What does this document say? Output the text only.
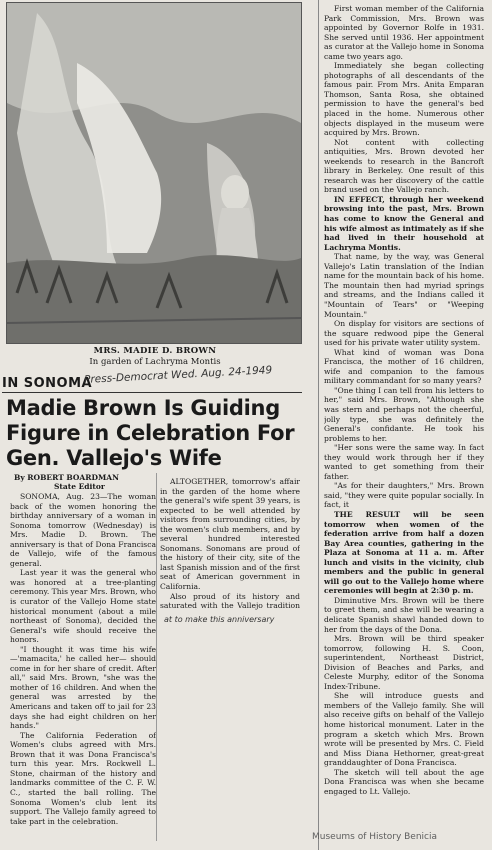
MRS. MADIE D. BROWN
In garden of Lachryma Montis
IN SONOMA
Press-Democrat Wed. Aug. 24-1949
Madie Brown Is Guiding Figure in Celebration For Gen. Vallejo's Wife
By ROBERT BOARDMAN
State Editor

SONOMA, Aug. 23—The woman back of the women honoring the birthday anniversary of a woman in Sonoma tomorrow (Wednesday) is Mrs. Madie D. Brown. The anniversary is that of Dona Francisca de Vallejo, wife of the famous general.

Last year it was the general who was honored at a tree-planting ceremony. This year Mrs. Brown, who is curator of the Vallejo Home state historical monument (about a mile northeast of Sonoma), decided the General's wife should receive the honors.

"I thought it was time his wife —'mamacita,' he called her— should come in for her share of credit. After all," said Mrs. Brown, "she was the mother of 16 children. And when the general was arrested by the Americans and taken off to jail for 23 days she had eight children on her hands."

The California Federation of Women's clubs agreed with Mrs. Brown that it was Dona Francisca's turn this year. Mrs. Rockwell L. Stone, chairman of the history and landmarks committee of the C. F. W. C., started the ball rolling. The Sonoma Women's club lent its support. The Vallejo family agreed to take part in the celebration.

ALTOGETHER, tomorrow's affair in the garden of the home where the general's wife spent 39 years, is expected to be well attended by visitors from surrounding cities, by the women's club members, and by several hundred interested Sonomans. Sonomans are proud of the history of their city, site of the last Spanish mission and of the first seat of American government in California.

Also proud of its history and saturated with the Vallejo tradition

at to make this anniversary

First woman member of the California Park Commission, Mrs. Brown was appointed by Governor Rolfe in 1931. She served until 1936. Her appointment as curator at the Vallejo home in Sonoma came two years ago.

Immediately she began collecting photographs of all descendants of the famous pair. From Mrs. Anita Emparan Thomson, Santa Rosa, she obtained permission to have the general's bed placed in the home. Numerous other objects displayed in the museum were acquired by Mrs. Brown.

Not content with collecting antiquities, Mrs. Brown devoted her weekends to research in the Bancroft library in Berkeley. One result of this research was her discovery of the cattle brand used on the Vallejo ranch.

IN EFFECT, through her weekend browsing into the past, Mrs. Brown has come to know the General and his wife almost as intimately as if she had lived in their household at Lachryma Montis.

That name, by the way, was General Vallejo's Latin translation of the Indian name for the mountain back of his home. The mountain then had myriad springs and streams, and the Indians called it "Mountain of Tears" or "Weeping Mountain."

On display for visitors are sections of the square redwood pipe the General used for his private water utility system.

What kind of woman was Dona Francisca, the mother of 16 children, wife and companion to the famous military commandant for so many years?

"One thing I can tell from his letters to her," said Mrs. Brown, "Although she was stern and perhaps not the cheerful, jolly type, she was definitely the General's confidante. He took his problems to her.

"Her sons were the same way. In fact they would work through her if they wanted to get something from their father.

"As for their daughters," Mrs. Brown said, "they were quite popular socially. In fact, it

THE RESULT will be seen tomorrow when women of the federation arrive from half a dozen Bay Area counties, gathering in the Plaza at Sonoma at 11 a. m. After lunch and visits in the vicinity, club members and the public in general will go out to the Vallejo home where ceremonies will begin at 2:30 p. m.

Diminutive Mrs. Brown will be there to greet them, and she will be wearing a delicate Spanish shawl handed down to her from the days of the Dona.

Mrs. Brown will be third speaker tomorrow, following H. S. Coon, superintendent, Northeast District, Division of Beaches and Parks, and Celeste Murphy, editor of the Sonoma Index-Tribune.

She will introduce guests and members of the Vallejo family. She will also receive gifts on behalf of the Vallejo home historical monument. Later in the program a sketch which Mrs. Brown wrote will be presented by Mrs. C. Field and Miss Diana Hethorner, great-great granddaughter of Dona Francisca.

The sketch will tell about the age Dona Francisca was when she became engaged to Lt. Vallejo.

Museums of History Benicia
